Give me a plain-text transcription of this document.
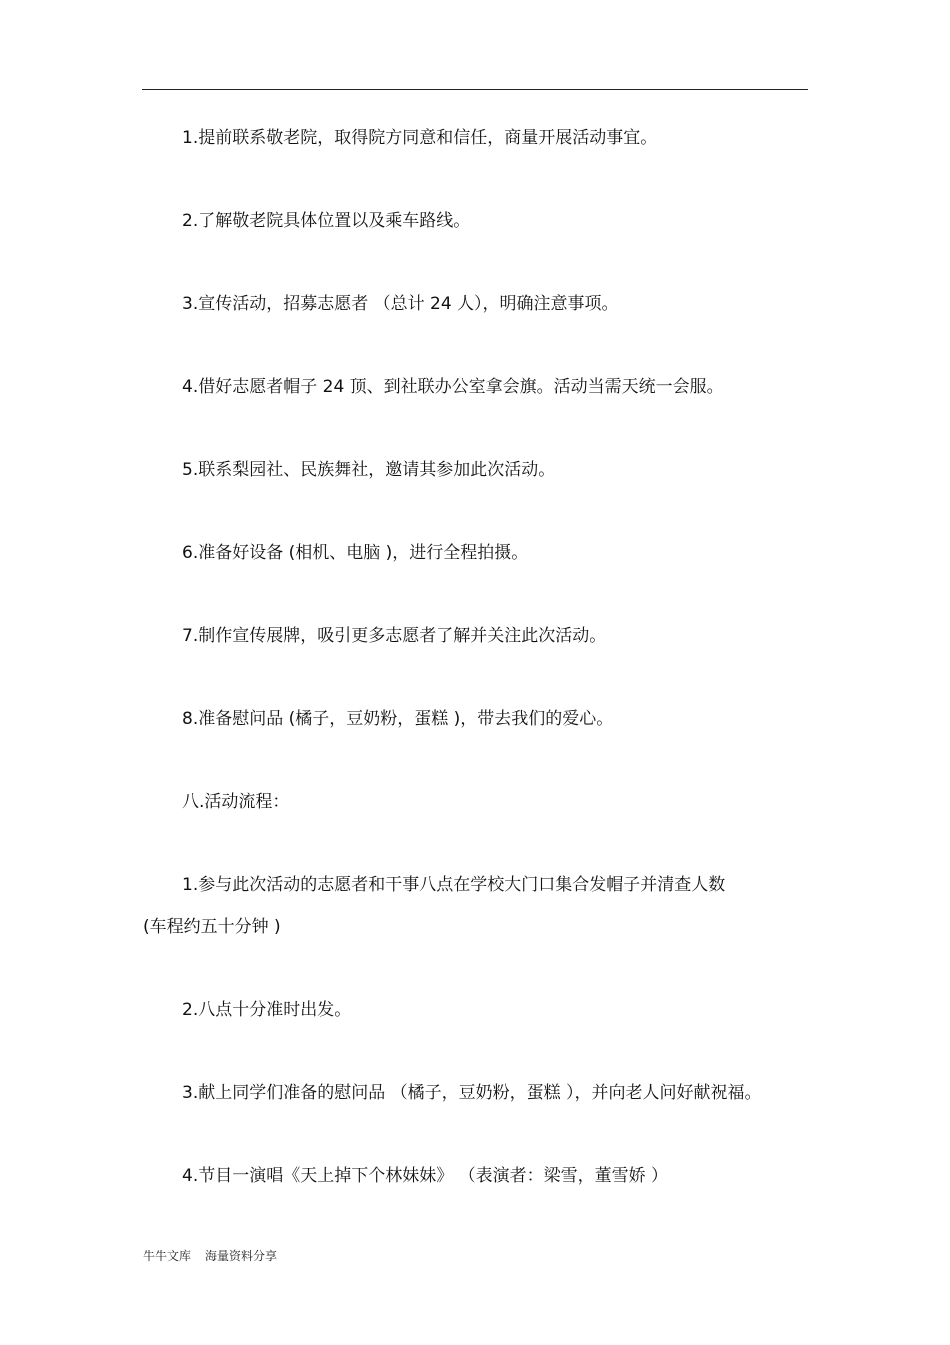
1.提前联系敬老院，取得院方同意和信任，商量开展活动事宜。
2.了解敬老院具体位置以及乘车路线。
3.宣传活动，招募志愿者 （总计 24 人），明确注意事项。
4.借好志愿者帽子 24 顶、到社联办公室拿会旗。活动当需天统一会服。
5.联系梨园社、民族舞社，邀请其参加此次活动。
6.准备好设备 (相机、电脑 )，进行全程拍摄。
7.制作宣传展牌，吸引更多志愿者了解并关注此次活动。
8.准备慰问品 (橘子，豆奶粉，蛋糕 )，带去我们的爱心。
八.活动流程：
1.参与此次活动的志愿者和干事八点在学校大门口集合发帽子并清查人数
(车程约五十分钟 )
2.八点十分准时出发。
3.献上同学们准备的慰问品 （橘子，豆奶粉，蛋糕 ），并向老人问好献祝福。
4.节目一演唱《天上掉下个林妹妹》 （表演者：梁雪，董雪娇 ）
牛牛文库 海量资料分享
